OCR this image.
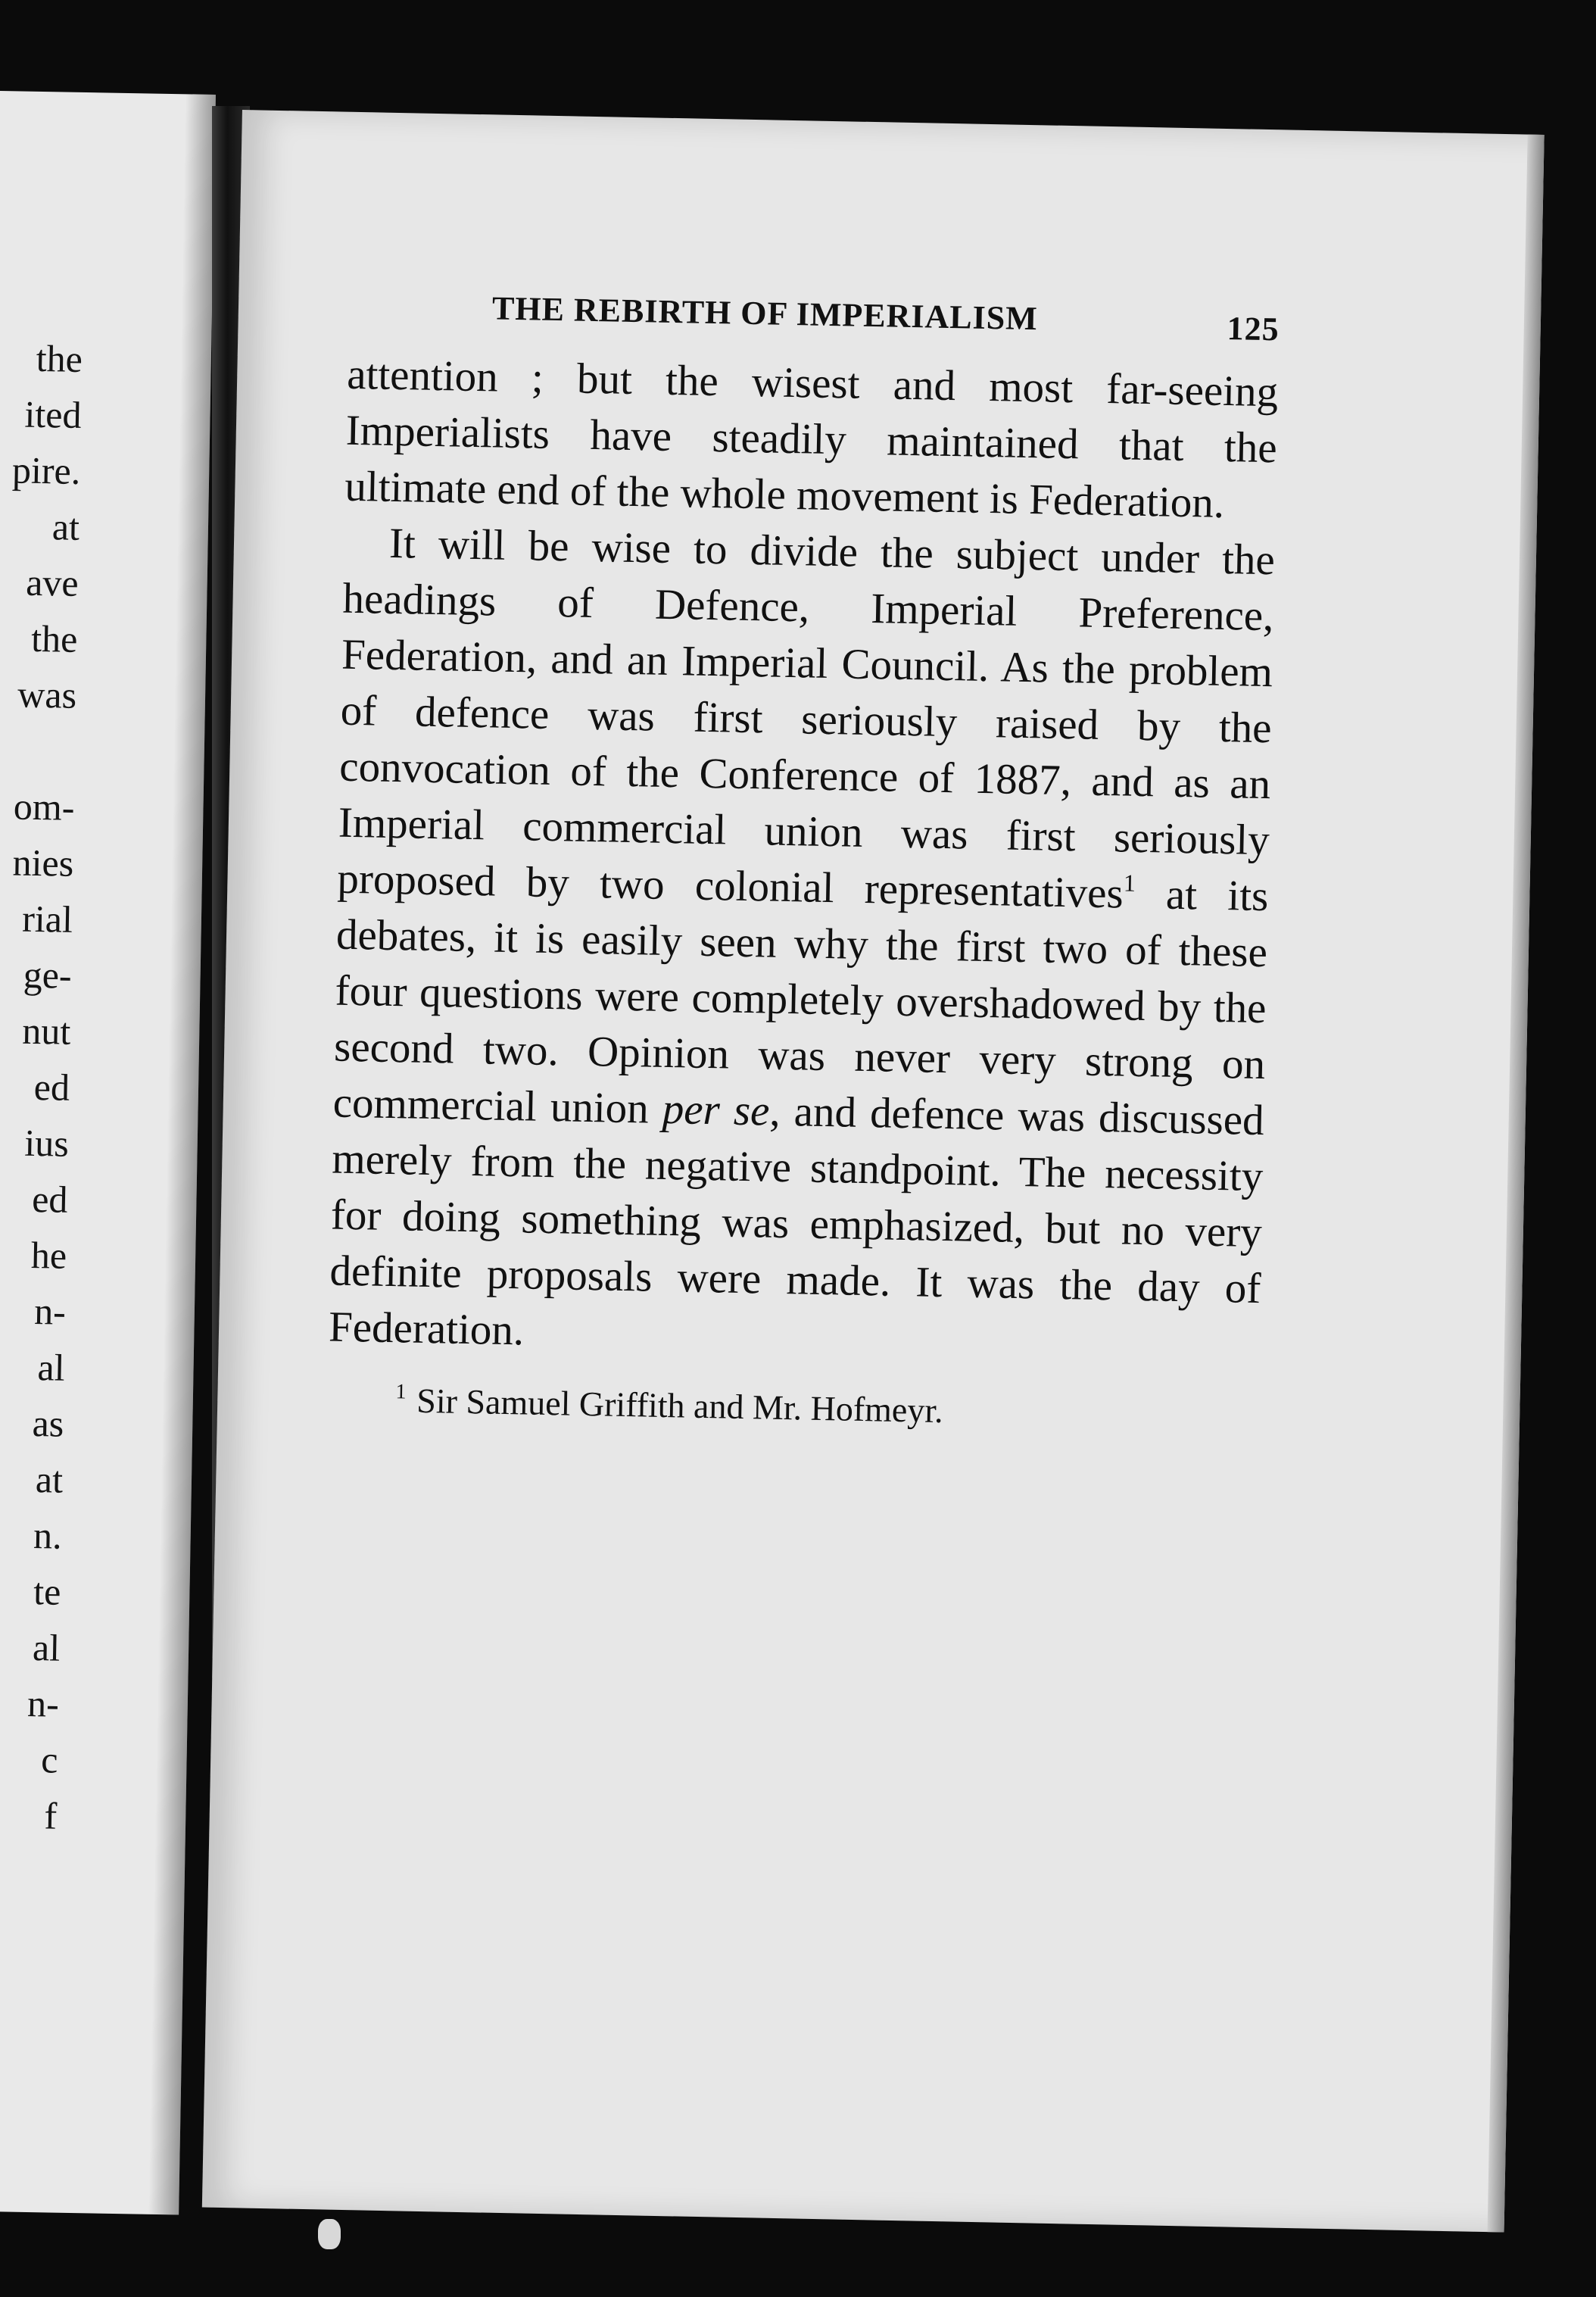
the
ited
pire.
at
ave
the
was
om-
nies
rial
ge-
nut
ed
ius
ed
he
n-
al
as
at
n.
te
al
n-
c
f
THE REBIRTH OF IMPERIALISM	125

attention ; but the wisest and most far-seeing Imperialists have steadily maintained that the ultimate end of the whole movement is Federation.

It will be wise to divide the subject under the headings of Defence, Imperial Preference, Federation, and an Imperial Council. As the problem of defence was first seriously raised by the convocation of the Conference of 1887, and as an Imperial commercial union was first seriously proposed by two colonial representatives$^1$ at its debates, it is easily seen why the first two of these four questions were completely overshadowed by the second two. Opinion was never very strong on commercial union per se, and defence was discussed merely from the negative standpoint. The necessity for doing something was emphasized, but no very definite proposals were made. It was the day of Federation.

$^1$ Sir Samuel Griffith and Mr. Hofmeyr.
